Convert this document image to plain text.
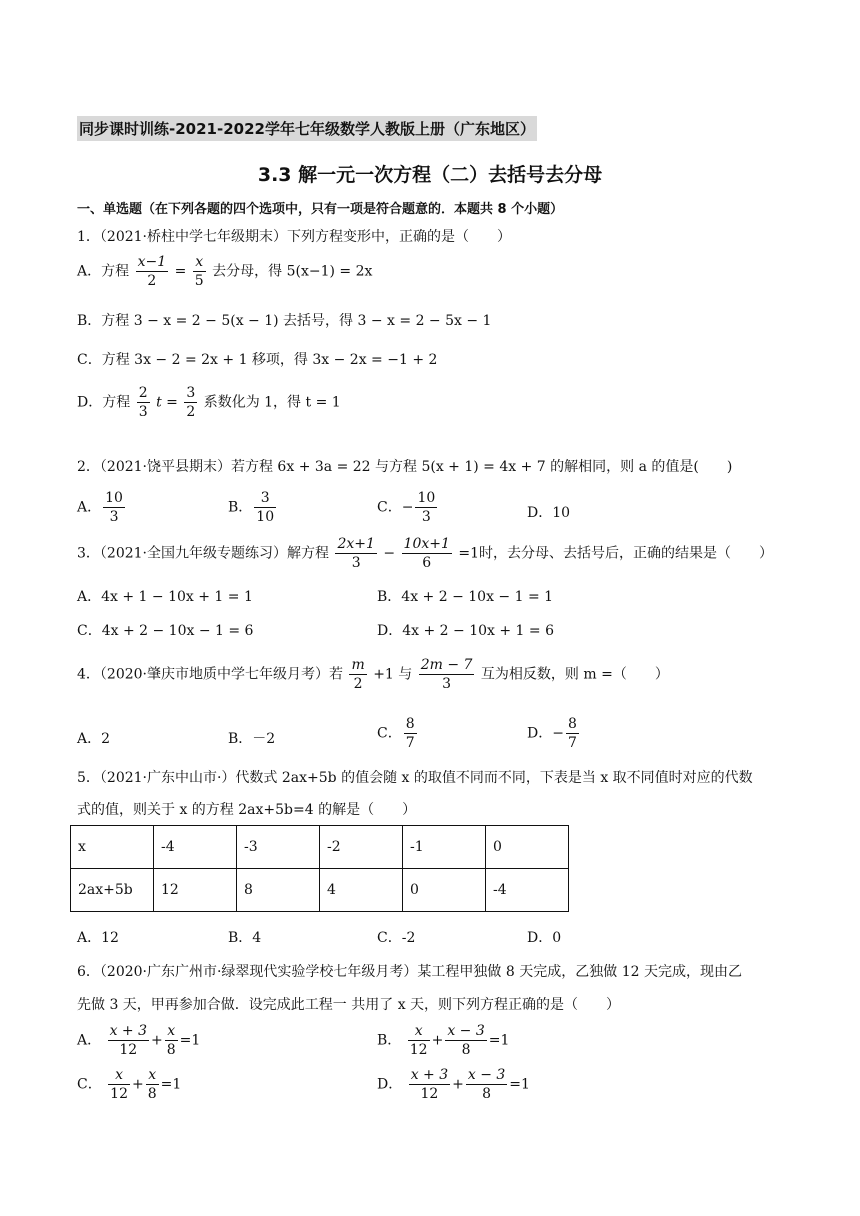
同步课时训练-2021-2022学年七年级数学人教版上册（广东地区）
3.3 解一元一次方程（二）去括号去分母
一、单选题（在下列各题的四个选项中，只有一项是符合题意的．本题共 8 个小题）
1．（2021·桥柱中学七年级期末）下列方程变形中，正确的是（　　）
A．方程 $\frac{x-1}{2} = \frac{x}{5}$ 去分母，得 5(x−1) = 2x
B．方程 3 − x = 2 − 5(x − 1) 去括号，得 3 − x = 2 − 5x − 1
C．方程 3x − 2 = 2x + 1 移项，得 3x − 2x = −1 + 2
D．方程 $\frac{2}{3}$ $t = \frac{3}{2}$ 系数化为 1，得 t = 1
2．（2021·饶平县期末）若方程 6x + 3a = 22 与方程 5(x + 1) = 4x + 7 的解相同，则 a 的值是(　　)
A． $\frac{10}{3}$	B． $\frac{3}{10}$	C．− $\frac{10}{3}$	D．10
3．（2021·全国九年级专题练习）解方程 $\frac{2x+1}{3} - \frac{10x+1}{6} =1$时，去分母、去括号后，正确的结果是（　　）
A．4x + 1 − 10x + 1 = 1	B．4x + 2 − 10x − 1 = 1
C．4x + 2 − 10x − 1 = 6	D．4x + 2 − 10x + 1 = 6
4．（2020·肇庆市地质中学七年级月考）若 $\frac{m}{2} +1$ 与 $\frac{2m - 7}{3}$ 互为相反数，则 m =（　　）
A．2	B．－2	C． $\frac{8}{7}$	D．− $\frac{8}{7}$
5．（2021·广东中山市·）代数式 2ax+5b 的值会随 x 的取值不同而不同，下表是当 x 取不同值时对应的代数
式的值，则关于 x 的方程 2ax+5b=4 的解是（　　）
x	-4	-3	-2	-1	0
2ax+5b	12	8	4	0	-4
A．12	B．4	C．-2	D．0
6．（2020·广东广州市·绿翠现代实验学校七年级月考）某工程甲独做 8 天完成，乙独做 12 天完成，现由乙
先做 3 天，甲再参加合做．设完成此工程一 共用了 x 天，则下列方程正确的是（　　）
A． $\frac{x + 3}{12} + \frac{x}{8} =1$	B． $\frac{x}{12} + \frac{x - 3}{8} =1$
C． $\frac{x}{12} + \frac{x}{8} =1$	D． $\frac{x + 3}{12} + \frac{x - 3}{8} =1$
